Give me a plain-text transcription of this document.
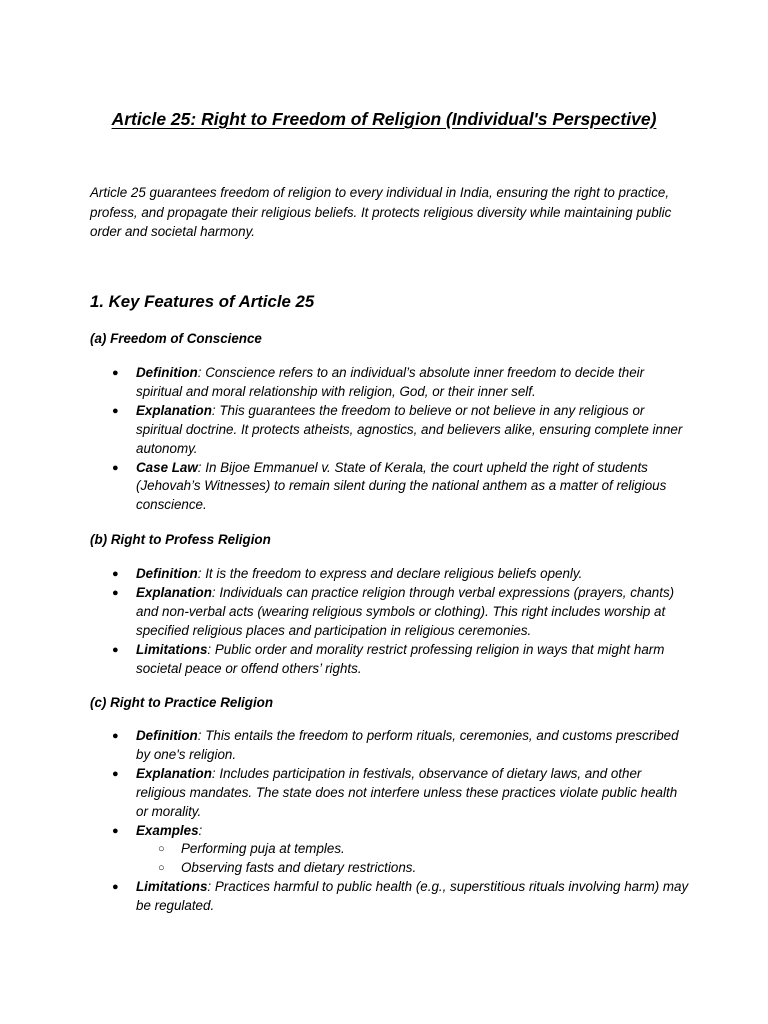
Article 25: Right to Freedom of Religion (Individual's Perspective)
Article 25 guarantees freedom of religion to every individual in India, ensuring the right to practice, profess, and propagate their religious beliefs. It protects religious diversity while maintaining public order and societal harmony.
1. Key Features of Article 25
(a) Freedom of Conscience
● Definition: Conscience refers to an individual’s absolute inner freedom to decide their spiritual and moral relationship with religion, God, or their inner self.
● Explanation: This guarantees the freedom to believe or not believe in any religious or spiritual doctrine. It protects atheists, agnostics, and believers alike, ensuring complete inner autonomy.
● Case Law: In Bijoe Emmanuel v. State of Kerala, the court upheld the right of students (Jehovah’s Witnesses) to remain silent during the national anthem as a matter of religious conscience.
(b) Right to Profess Religion
● Definition: It is the freedom to express and declare religious beliefs openly.
● Explanation: Individuals can practice religion through verbal expressions (prayers, chants) and non-verbal acts (wearing religious symbols or clothing). This right includes worship at specified religious places and participation in religious ceremonies.
● Limitations: Public order and morality restrict professing religion in ways that might harm societal peace or offend others’ rights.
(c) Right to Practice Religion
● Definition: This entails the freedom to perform rituals, ceremonies, and customs prescribed by one's religion.
● Explanation: Includes participation in festivals, observance of dietary laws, and other religious mandates. The state does not interfere unless these practices violate public health or morality.
● Examples:
○ Performing puja at temples.
○ Observing fasts and dietary restrictions.
● Limitations: Practices harmful to public health (e.g., superstitious rituals involving harm) may be regulated.
